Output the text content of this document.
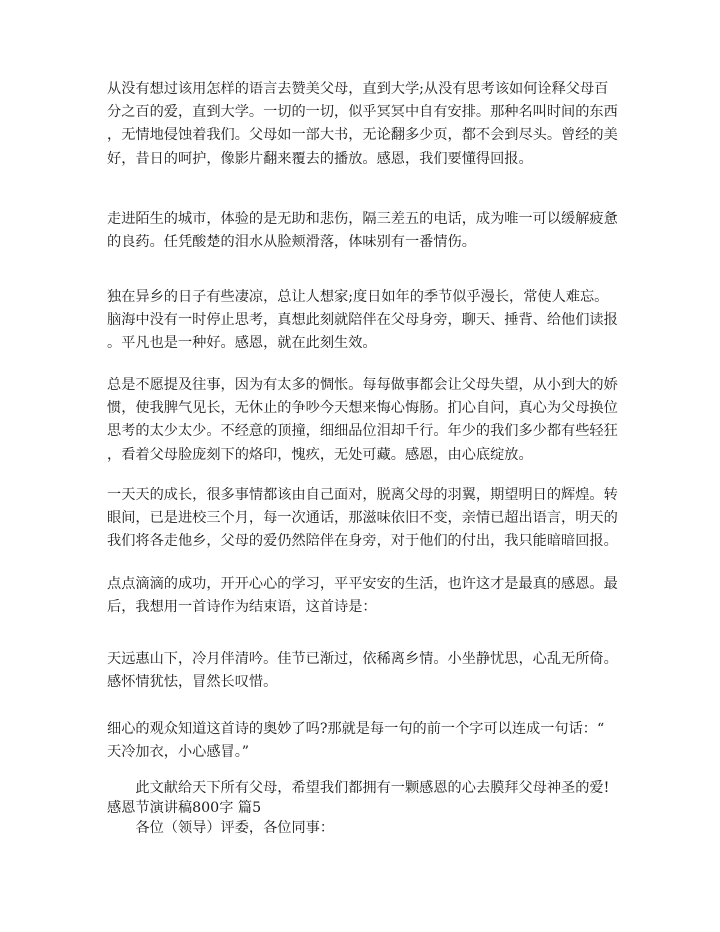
从没有想过该用怎样的语言去赞美父母，直到大学;从没有思考该如何诠释父母百
分之百的爱，直到大学。一切的一切，似乎冥冥中自有安排。那种名叫时间的东西
，无情地侵蚀着我们。父母如一部大书，无论翻多少页，都不会到尽头。曾经的美
好，昔日的呵护，像影片翻来覆去的播放。感恩，我们要懂得回报。
走进陌生的城市，体验的是无助和悲伤，隔三差五的电话，成为唯一可以缓解疲惫
的良药。任凭酸楚的泪水从脸颊滑落，体味别有一番情伤。
独在异乡的日子有些凄凉，总让人想家;度日如年的季节似乎漫长，常使人难忘。
脑海中没有一时停止思考，真想此刻就陪伴在父母身旁，聊天、捶背、给他们读报
。平凡也是一种好。感恩，就在此刻生效。
总是不愿提及往事，因为有太多的惆怅。每每做事都会让父母失望，从小到大的娇
惯，使我脾气见长，无休止的争吵今天想来悔心悔肠。扪心自问，真心为父母换位
思考的太少太少。不经意的顶撞，细细品位泪却千行。年少的我们多少都有些轻狂
，看着父母脸庞刻下的烙印，愧疚，无处可藏。感恩，由心底绽放。
一天天的成长，很多事情都该由自己面对，脱离父母的羽翼，期望明日的辉煌。转
眼间，已是进校三个月，每一次通话，那滋味依旧不变，亲情已超出语言，明天的
我们将各走他乡，父母的爱仍然陪伴在身旁，对于他们的付出，我只能暗暗回报。
点点滴滴的成功，开开心心的学习，平平安安的生活，也许这才是最真的感恩。最
后，我想用一首诗作为结束语，这首诗是：
天远惠山下，冷月伴清吟。佳节已渐过，依稀离乡情。小坐静忧思，心乱无所倚。
感怀情犹怯，冒然长叹惜。
细心的观众知道这首诗的奥妙了吗?那就是每一句的前一个字可以连成一句话：“
天冷加衣，小心感冒。”
　　此文献给天下所有父母，希望我们都拥有一颗感恩的心去膜拜父母神圣的爱!
感恩节演讲稿800字 篇5
　　各位（领导）评委，各位同事：
